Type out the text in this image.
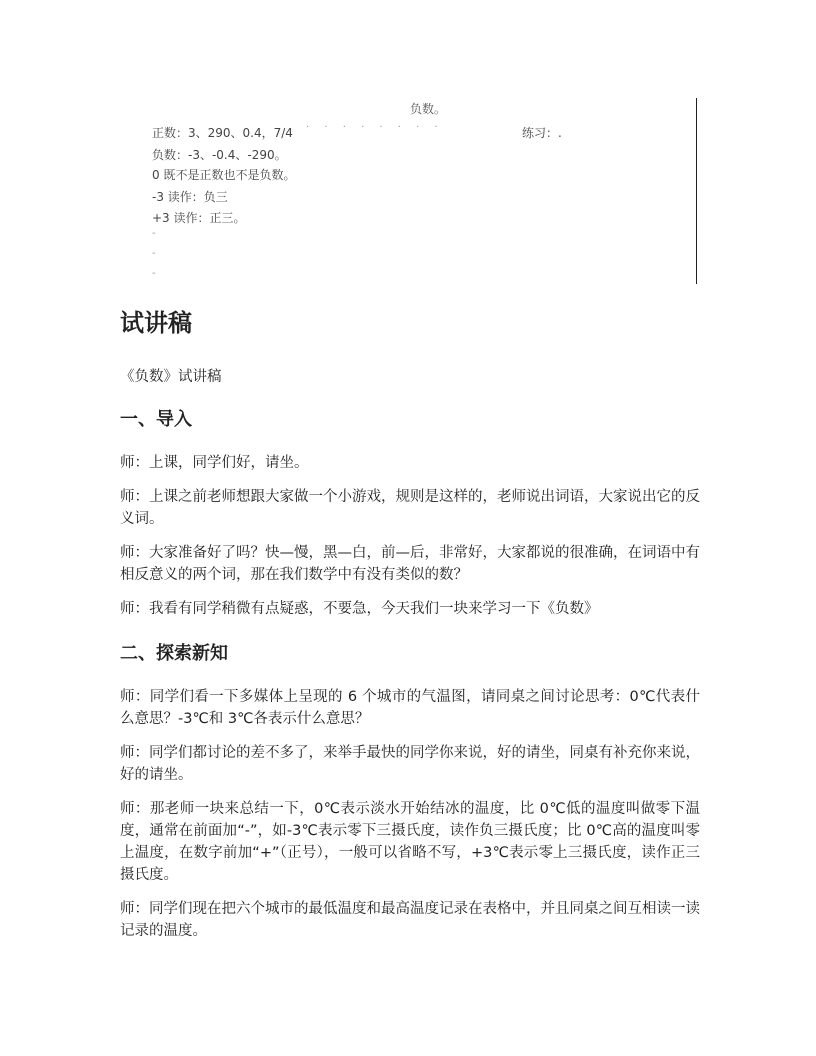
负数。
正数：3、290、0.4，7/4 · · · · · · · ·	练习：.
负数：-3、-0.4、-290。
0 既不是正数也不是负数。
-3 读作：负三
+3 读作：正三。
-
-
-
试讲稿
《负数》试讲稿
一、导入

师：上课，同学们好，请坐。

师：上课之前老师想跟大家做一个小游戏，规则是这样的，老师说出词语，大家说出它的反义词。

师：大家准备好了吗？快—慢，黑—白，前—后，非常好，大家都说的很准确，在词语中有相反意义的两个词，那在我们数学中有没有类似的数？

师：我看有同学稍微有点疑惑，不要急，今天我们一块来学习一下《负数》

二、探索新知

师：同学们看一下多媒体上呈现的 6 个城市的气温图，请同桌之间讨论思考：0℃代表什么意思？-3℃和 3℃各表示什么意思？

师：同学们都讨论的差不多了，来举手最快的同学你来说，好的请坐，同桌有补充你来说，好的请坐。

师：那老师一块来总结一下，0℃表示淡水开始结冰的温度，比 0℃低的温度叫做零下温度，通常在前面加“-”，如-3℃表示零下三摄氏度，读作负三摄氏度；比 0℃高的温度叫零上温度，在数字前加“+”（正号），一般可以省略不写，+3℃表示零上三摄氏度，读作正三摄氏度。

师：同学们现在把六个城市的最低温度和最高温度记录在表格中，并且同桌之间互相读一读记录的温度。
